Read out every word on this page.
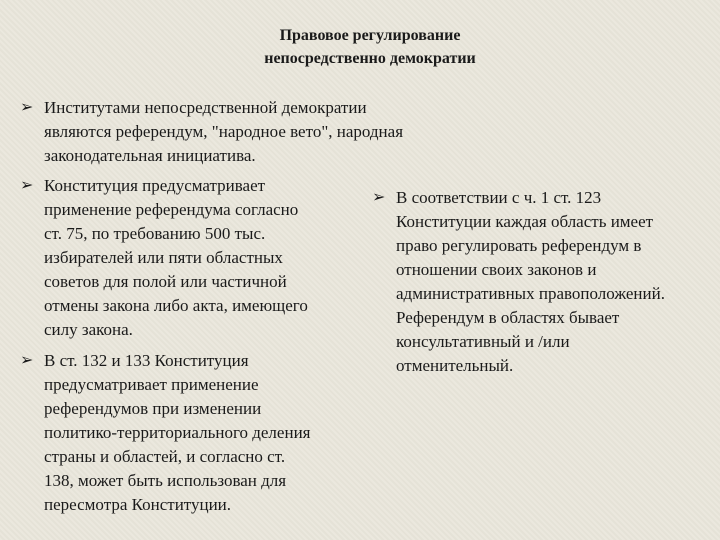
Правовое регулирование
непосредственно демократии
➢ Институтами непосредственной демократии
являются референдум, "народное вето", народная
законодательная инициатива.
➢ Конституция предусматривает
применение референдума согласно
ст. 75, по требованию 500 тыс.
избирателей или пяти областных
советов для полой или частичной
отмены закона либо акта, имеющего
силу закона.
➢ В ст. 132 и 133 Конституция
предусматривает применение
референдумов при изменении
политико-территориального деления
страны и областей, и согласно ст.
138, может быть использован для
пересмотра Конституции.
➢ В соответствии с ч. 1 ст. 123
Конституции каждая область имеет
право регулировать референдум в
отношении своих законов и
административных правоположений.
Референдум в областях бывает
консультативный и /или
отменительный.
